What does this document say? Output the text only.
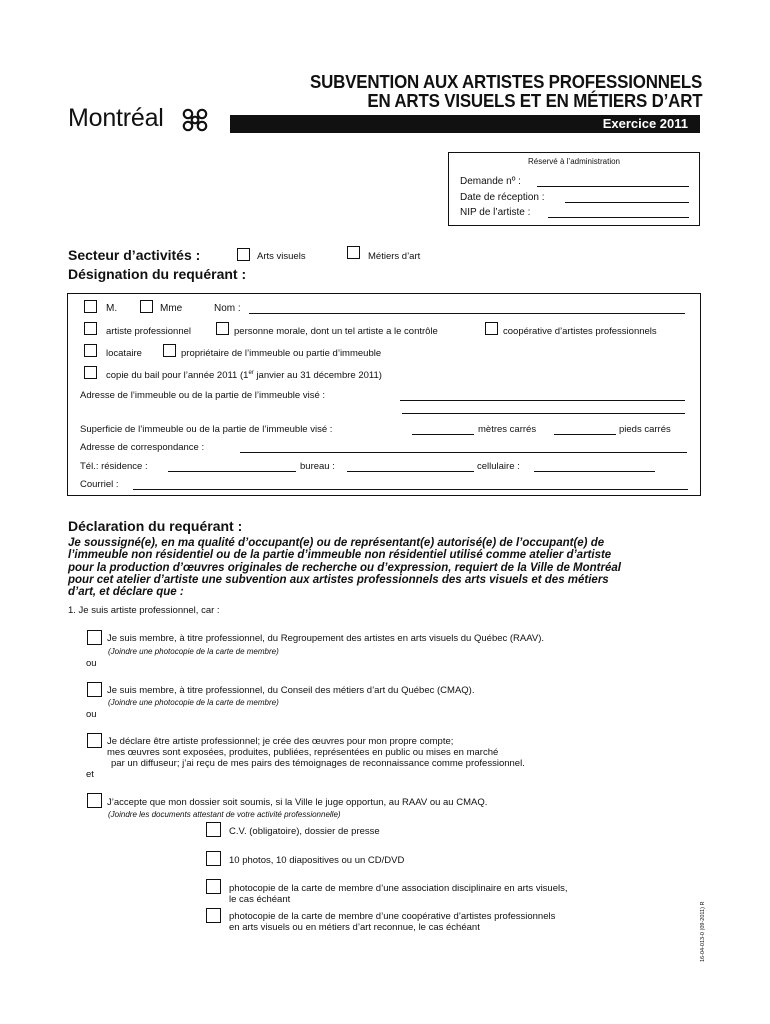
Montréal
SUBVENTION AUX ARTISTES PROFESSIONNELS
EN ARTS VISUELS ET EN MÉTIERS D’ART
Exercice 2011
Réservé à l’administration
Demande nº :
Date de réception :
NIP de l’artiste :
Secteur d’activités :	Arts visuels	Métiers d’art
Désignation du requérant :
M.	Mme	Nom :
artiste professionnel	personne morale, dont un tel artiste a le contrôle	coopérative d’artistes professionnels
locataire	propriétaire de l’immeuble ou partie d’immeuble
copie du bail pour l’année 2011 (1er janvier au 31 décembre 2011)
Adresse de l’immeuble ou de la partie de l’immeuble visé :
Superficie de l’immeuble ou de la partie de l’immeuble visé :	mètres carrés	pieds carrés
Adresse de correspondance :
Tél.: résidence :	bureau :	cellulaire :
Courriel :
Déclaration du requérant :
Je soussigné(e), en ma qualité d’occupant(e) ou de représentant(e) autorisé(e) de l’occupant(e) de
l’immeuble non résidentiel ou de la partie d’immeuble non résidentiel utilisé comme atelier d’artiste
pour la production d’œuvres originales de recherche ou d’expression, requiert de la Ville de Montréal
pour cet atelier d’artiste une subvention aux artistes professionnels des arts visuels et des métiers
d’art, et déclare que :
1. Je suis artiste professionnel, car :
Je suis membre, à titre professionnel, du Regroupement des artistes en arts visuels du Québec (RAAV).
(Joindre une photocopie de la carte de membre)
ou
Je suis membre, à titre professionnel, du Conseil des métiers d’art du Québec (CMAQ).
(Joindre une photocopie de la carte de membre)
ou
Je déclare être artiste professionnel; je crée des œuvres pour mon propre compte;
mes œuvres sont exposées, produites, publiées, représentées en public ou mises en marché
par un diffuseur; j’ai reçu de mes pairs des témoignages de reconnaissance comme professionnel.
et
J’accepte que mon dossier soit soumis, si la Ville le juge opportun, au RAAV ou au CMAQ.
(Joindre les documents attestant de votre activité professionnelle)
C.V. (obligatoire), dossier de presse
10 photos, 10 diapositives ou un CD/DVD
photocopie de la carte de membre d’une association disciplinaire en arts visuels,
le cas échéant
photocopie de la carte de membre d’une coopérative d’artistes professionnels
en arts visuels ou en métiers d’art reconnue, le cas échéant	16-04-013-0 (09-2011) R
